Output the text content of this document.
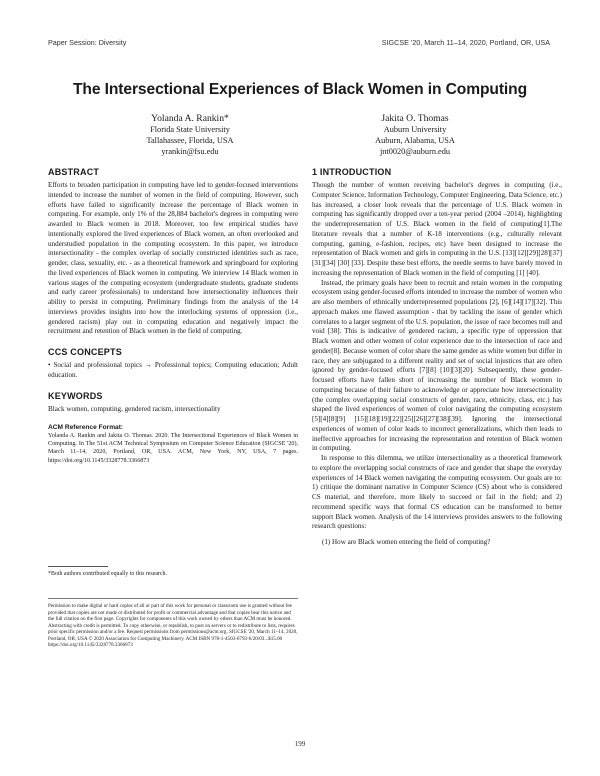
Paper Session: Diversity	SIGCSE '20, March 11–14, 2020, Portland, OR, USA
The Intersectional Experiences of Black Women in Computing
Yolanda A. Rankin*
Florida State University
Tallahassee, Florida, USA
yrankin@fsu.edu
Jakita O. Thomas
Auburn University
Auburn, Alabama, USA
jnt0020@auburn.edu
ABSTRACT

Efforts to broaden participation in computing have led to gender-focused interventions intended to increase the number of women in the field of computing. However, such efforts have failed to significantly increase the percentage of Black women in computing. For example, only 1% of the 28,884 bachelor's degrees in computing were awarded to Black women in 2018. Moreover, too few empirical studies have intentionally explored the lived experiences of Black women, an often overlooked and understudied population in the computing ecosystem. In this paper, we introduce intersectionality - the complex overlap of socially constructed identities such as race, gender, class, sexuality, etc. - as a theoretical framework and springboard for exploring the lived experiences of Black women in computing. We interview 14 Black women in various stages of the computing ecosystem (undergraduate students, graduate students and early career professionals) to understand how intersectionality influences their ability to persist in computing. Preliminary findings from the analysis of the 14 interviews provides insights into how the interlocking systems of oppression (i.e., gendered racism) play out in computing education and negatively impact the recruitment and retention of Black women in the field of computing.

CCS CONCEPTS

• Social and professional topics → Professional topics; Computing education; Adult education.

KEYWORDS

Black women, computing, gendered racism, intersectionality

ACM Reference Format:

Yolanda A. Rankin and Jakita O. Thomas. 2020. The Intersectional Experiences of Black Women in Computing. In The 51st ACM Technical Symposium on Computer Science Education (SIGCSE '20), March 11–14, 2020, Portland, OR, USA. ACM, New York, NY, USA, 7 pages. https://doi.org/10.1145/3328778.3366873

*Both authors contributed equally to this research.
Permission to make digital or hard copies of all or part of this work for personal or classroom use is granted without fee provided that copies are not made or distributed for profit or commercial advantage and that copies bear this notice and the full citation on the first page. Copyrights for components of this work owned by others than ACM must be honored. Abstracting with credit is permitted. To copy otherwise, or republish, to post on servers or to redistribute to lists, requires prior specific permission and/or a fee. Request permissions from permissions@acm.org. SIGCSE '20, March 11–14, 2020, Portland, OR, USA © 2020 Association for Computing Machinery. ACM ISBN 978-1-4503-6793-6/20/03...$15.00 https://doi.org/10.1145/3328778.3366873
1 INTRODUCTION

Though the number of women receiving bachelor's degrees in computing (i.e., Computer Science, Information Technology, Computer Engineering, Data Science, etc.) has increased, a closer look reveals that the percentage of U.S. Black women in computing has significantly dropped over a ten-year period (2004 –2014), highlighting the underrepresentation of U.S. Black women in the field of computing[1].The literature reveals that a number of K-18 interventions (e.g., culturally relevant computing, gaming, e-fashion, recipes, etc) have been designed to increase the representation of Black women and girls in computing in the U.S. [13][12][29][28][37][31][34] [30] [33]. Despite these best efforts, the needle seems to have barely moved in increasing the representation of Black women in the field of computing [1] [40].

Instead, the primary goals have been to recruit and retain women in the computing ecosystem using gender-focused efforts intended to increase the number of women who are also members of ethnically underrepresented populations [2], [6][14][17][32]. This approach makes one flawed assumption - that by tackling the issue of gender which correlates to a larger segment of the U.S. population, the issue of race becomes null and void [38]. This is indicative of gendered racism, a specific type of oppression that Black women and other women of color experience due to the intersection of race and gender[8]. Because women of color share the same gender as white women but differ in race, they are subjugated to a different reality and set of social injustices that are often ignored by gender-focused efforts [7][8] [10][3][20]. Subsequently, these gender-focused efforts have fallen short of increasing the number of Black women in computing because of their failure to acknowledge or appreciate how intersectionality (the complex overlapping social constructs of gender, race, ethnicity, class, etc.) has shaped the lived experiences of women of color navigating the computing ecosystem [5][4][8][9] [15][18][19][22][25][26][27][38][39]. Ignoring the intersectional experiences of women of color leads to incorrect generalizations, which then leads to ineffective approaches for increasing the representation and retention of Black women in computing.

In response to this dilemma, we utilize intersectionality as a theoretical framework to explore the overlapping social constructs of race and gender that shape the everyday experiences of 14 Black women navigating the computing ecosystem. Our goals are to: 1) critique the dominant narrative in Computer Science (CS) about who is considered CS material, and therefore, more likely to succeed or fail in the field; and 2) recommend specific ways that formal CS education can be transformed to better support Black women. Analysis of the 14 interviews provides answers to the following research questions:

(1) How are Black women entering the field of computing?
199
